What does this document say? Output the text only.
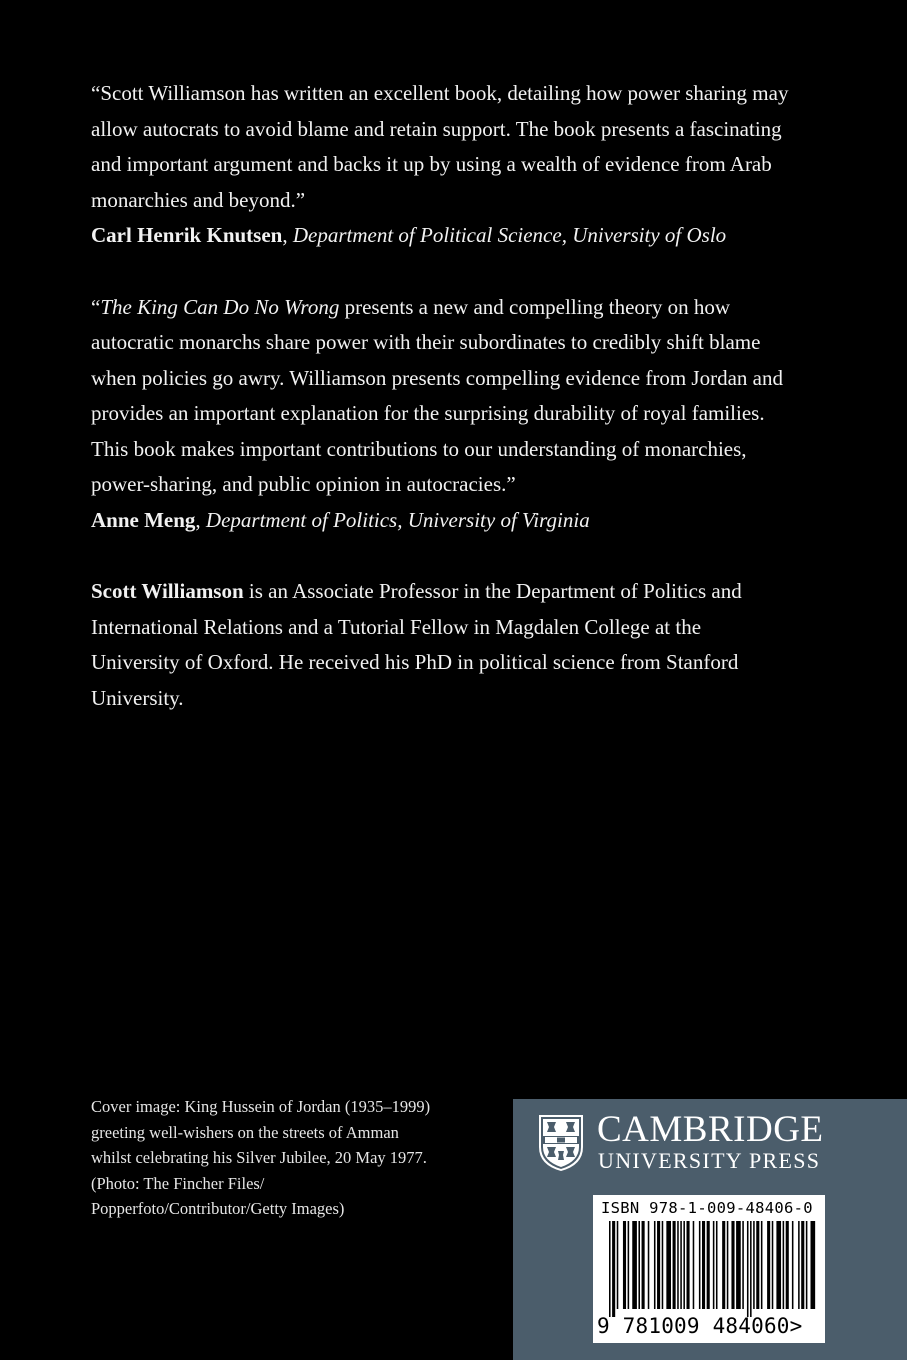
“Scott Williamson has written an excellent book, detailing how power sharing may allow autocrats to avoid blame and retain support. The book presents a fascinating and important argument and backs it up by using a wealth of evidence from Arab monarchies and beyond.”
Carl Henrik Knutsen, Department of Political Science, University of Oslo

“The King Can Do No Wrong presents a new and compelling theory on how autocratic monarchs share power with their subordinates to credibly shift blame when policies go awry. Williamson presents compelling evidence from Jordan and provides an important explanation for the surprising durability of royal families. This book makes important contributions to our understanding of monarchies, power-sharing, and public opinion in autocracies.”
Anne Meng, Department of Politics, University of Virginia

Scott Williamson is an Associate Professor in the Department of Politics and International Relations and a Tutorial Fellow in Magdalen College at the University of Oxford. He received his PhD in political science from Stanford University.

Cover image: King Hussein of Jordan (1935–1999) greeting well-wishers on the streets of Amman whilst celebrating his Silver Jubilee, 20 May 1977. (Photo: The Fincher Files/ Popperfoto/Contributor/Getty Images)
CAMBRIDGE
UNIVERSITY PRESS
ISBN 978-1-009-48406-0
9 781009 484060>
